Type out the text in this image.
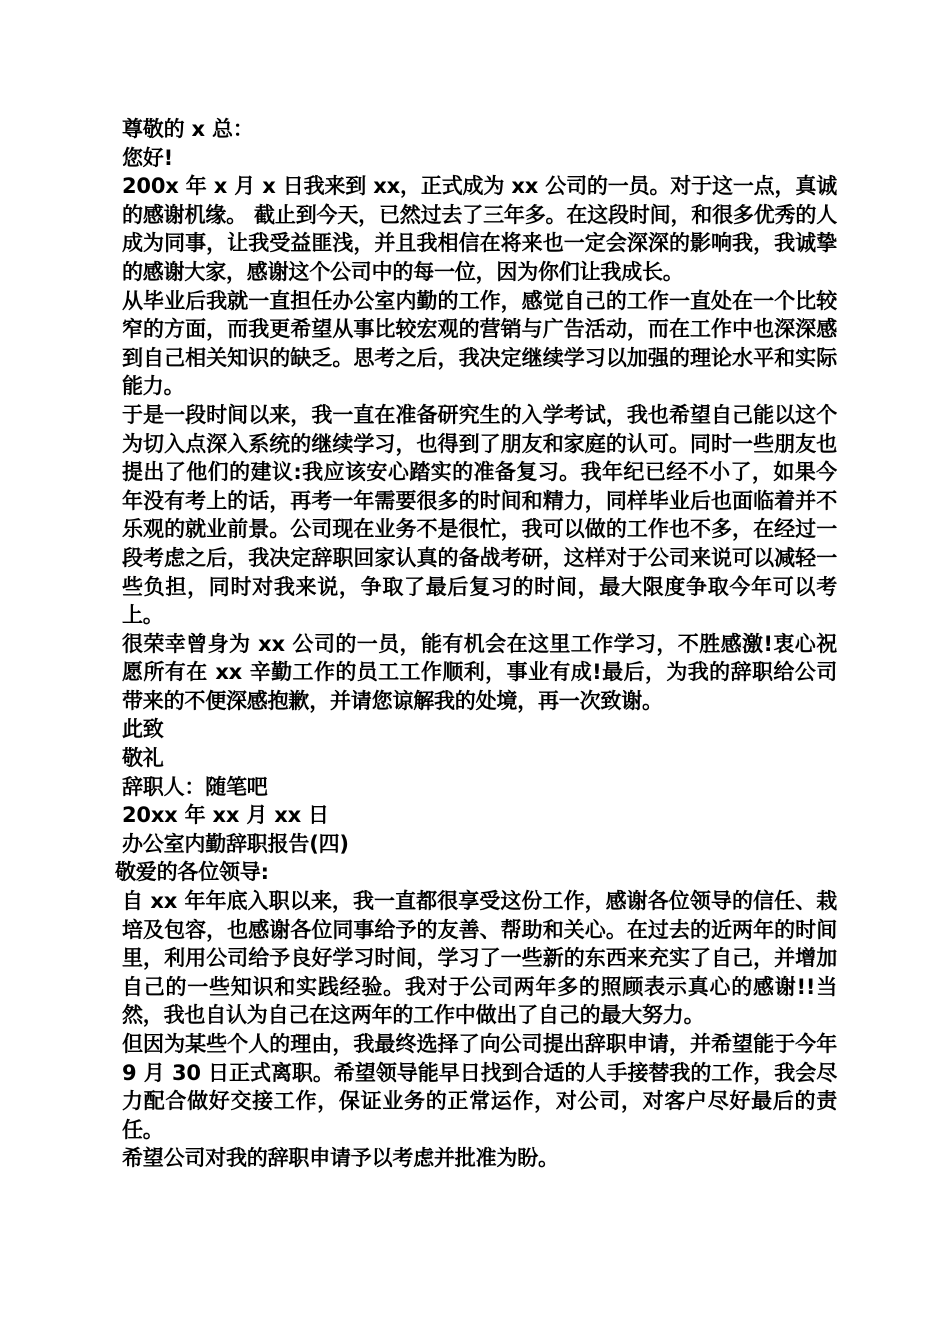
尊敬的 x 总：

您好!

200x 年 x 月 x 日我来到 xx，正式成为 xx 公司的一员。对于这一点，真诚的感谢机缘。 截止到今天，已然过去了三年多。在这段时间，和很多优秀的人成为同事，让我受益匪浅，并且我相信在将来也一定会深深的影响我，我诚挚的感谢大家，感谢这个公司中的每一位，因为你们让我成长。

从毕业后我就一直担任办公室内勤的工作，感觉自己的工作一直处在一个比较窄的方面，而我更希望从事比较宏观的营销与广告活动，而在工作中也深深感到自己相关知识的缺乏。思考之后，我决定继续学习以加强的理论水平和实际能力。

于是一段时间以来，我一直在准备研究生的入学考试，我也希望自己能以这个为切入点深入系统的继续学习，也得到了朋友和家庭的认可。同时一些朋友也提出了他们的建议:我应该安心踏实的准备复习。我年纪已经不小了，如果今年没有考上的话，再考一年需要很多的时间和精力，同样毕业后也面临着并不乐观的就业前景。公司现在业务不是很忙，我可以做的工作也不多，在经过一段考虑之后，我决定辞职回家认真的备战考研，这样对于公司来说可以减轻一些负担，同时对我来说，争取了最后复习的时间，最大限度争取今年可以考上。

很荣幸曾身为 xx 公司的一员，能有机会在这里工作学习，不胜感激!衷心祝愿所有在 xx 辛勤工作的员工工作顺利，事业有成!最后，为我的辞职给公司带来的不便深感抱歉，并请您谅解我的处境，再一次致谢。

此致

敬礼

辞职人：随笔吧

20xx 年 xx 月 xx 日

办公室内勤辞职报告(四)

敬爱的各位领导:

自 xx 年年底入职以来，我一直都很享受这份工作，感谢各位领导的信任、栽培及包容，也感谢各位同事给予的友善、帮助和关心。在过去的近两年的时间里，利用公司给予良好学习时间，学习了一些新的东西来充实了自己，并增加自己的一些知识和实践经验。我对于公司两年多的照顾表示真心的感谢!!当然，我也自认为自己在这两年的工作中做出了自己的最大努力。

但因为某些个人的理由，我最终选择了向公司提出辞职申请，并希望能于今年 9 月 30 日正式离职。希望领导能早日找到合适的人手接替我的工作，我会尽力配合做好交接工作，保证业务的正常运作，对公司，对客户尽好最后的责任。

希望公司对我的辞职申请予以考虑并批准为盼。
